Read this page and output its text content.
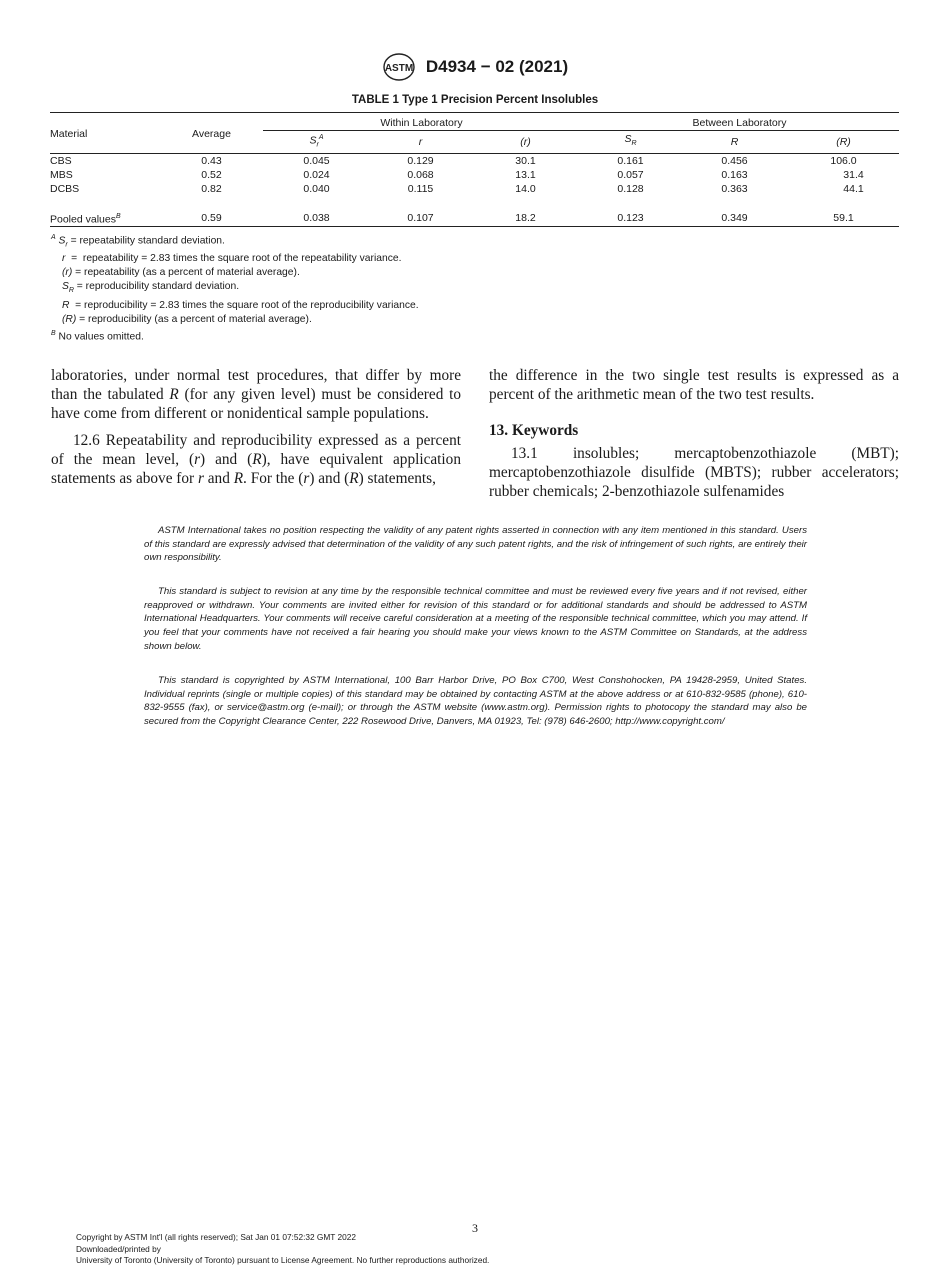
ASTM D4934 − 02 (2021)
TABLE 1 Type 1 Precision Percent Insolubles

Material	Average	Within Laboratory			Between Laboratory		
		$S_r^A$	r	(r)	$S_R$	R	(R)
CBS	0.43	0.045	0.129	30.1	0.161	0.456	106.0
MBS	0.52	0.024	0.068	13.1	0.057	0.163	31.4
DCBS	0.82	0.040	0.115	14.0	0.128	0.363	44.1

Pooled values$^B$	0.59	0.038	0.107	18.2	0.123	0.349	59.1

$^A$ $S_r$ = repeatability standard deviation.
r  =  repeatability = 2.83 times the square root of the repeatability variance.
(r) = repeatability (as a percent of material average).
$S_R$ = reproducibility standard deviation.
R  = reproducibility = 2.83 times the square root of the reproducibility variance.
(R) = reproducibility (as a percent of material average).
$^B$ No values omitted.

laboratories, under normal test procedures, that differ by more than the tabulated R (for any given level) must be considered to have come from different or nonidentical sample populations.

12.6 Repeatability and reproducibility expressed as a percent of the mean level, (r) and (R), have equivalent application statements as above for r and R. For the (r) and (R) statements,

the difference in the two single test results is expressed as a percent of the arithmetic mean of the two test results.

13. Keywords

13.1 insolubles; mercaptobenzothiazole (MBT); mercaptobenzothiazole disulfide (MBTS); rubber accelerators; rubber chemicals; 2-benzothiazole sulfenamides

ASTM International takes no position respecting the validity of any patent rights asserted in connection with any item mentioned in this standard. Users of this standard are expressly advised that determination of the validity of any such patent rights, and the risk of infringement of such rights, are entirely their own responsibility.

This standard is subject to revision at any time by the responsible technical committee and must be reviewed every five years and if not revised, either reapproved or withdrawn. Your comments are invited either for revision of this standard or for additional standards and should be addressed to ASTM International Headquarters. Your comments will receive careful consideration at a meeting of the responsible technical committee, which you may attend. If you feel that your comments have not received a fair hearing you should make your views known to the ASTM Committee on Standards, at the address shown below.

This standard is copyrighted by ASTM International, 100 Barr Harbor Drive, PO Box C700, West Conshohocken, PA 19428-2959, United States. Individual reprints (single or multiple copies) of this standard may be obtained by contacting ASTM at the above address or at 610-832-9585 (phone), 610-832-9555 (fax), or service@astm.org (e-mail); or through the ASTM website (www.astm.org). Permission rights to photocopy the standard may also be secured from the Copyright Clearance Center, 222 Rosewood Drive, Danvers, MA 01923, Tel: (978) 646-2600; http://www.copyright.com/

3
Copyright by ASTM Int'l (all rights reserved); Sat Jan 01 07:52:32 GMT 2022
Downloaded/printed by
University of Toronto (University of Toronto) pursuant to License Agreement. No further reproductions authorized.
